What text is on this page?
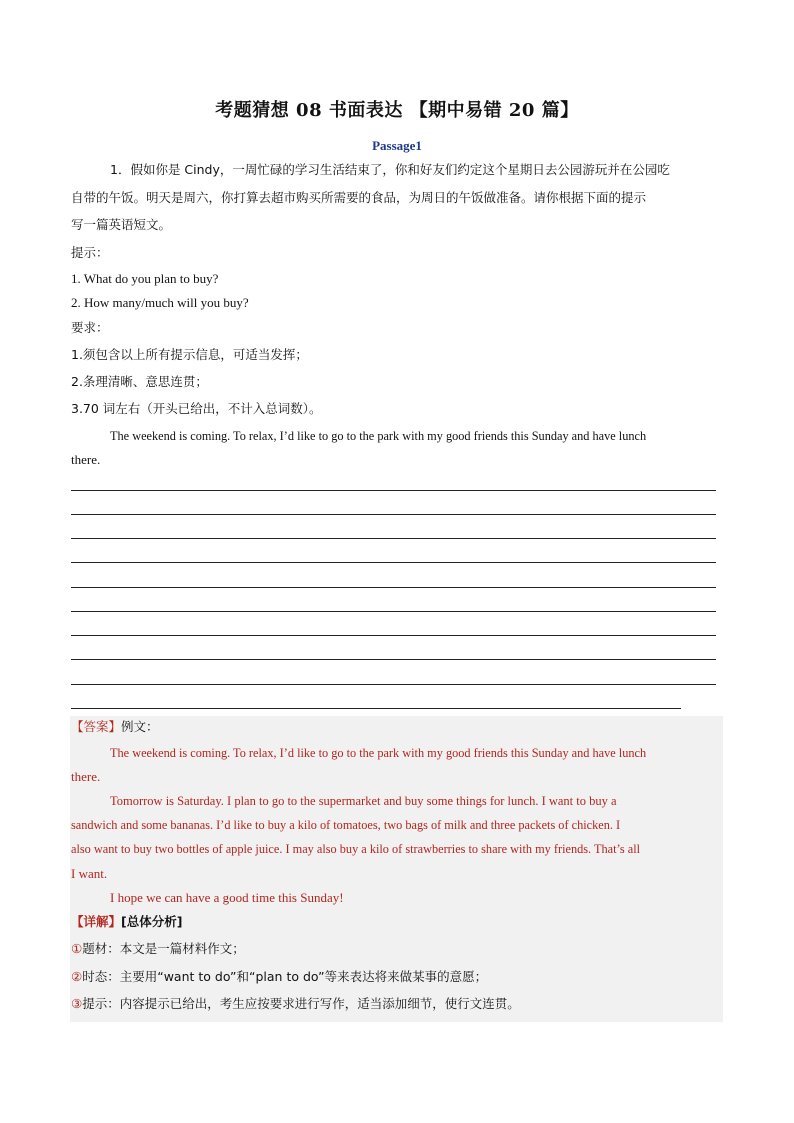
考题猜想 08 书面表达 【期中易错 20 篇】
Passage1
1．假如你是 Cindy，一周忙碌的学习生活结束了，你和好友们约定这个星期日去公园游玩并在公园吃
自带的午饭。明天是周六，你打算去超市购买所需要的食品，为周日的午饭做准备。请你根据下面的提示
写一篇英语短文。
提示：
1. What do you plan to buy?
2. How many/much will you buy?
要求：
1.须包含以上所有提示信息，可适当发挥；
2.条理清晰、意思连贯；
3.70 词左右（开头已给出，不计入总词数）。
The weekend is coming. To relax, I’d like to go to the park with my good friends this Sunday and have lunch
there.
【答案】例文：
The weekend is coming. To relax, I’d like to go to the park with my good friends this Sunday and have lunch
there.
Tomorrow is Saturday. I plan to go to the supermarket and buy some things for lunch. I want to buy a
sandwich and some bananas. I’d like to buy a kilo of tomatoes, two bags of milk and three packets of chicken. I
also want to buy two bottles of apple juice. I may also buy a kilo of strawberries to share with my friends. That’s all
I want.
I hope we can have a good time this Sunday!
【详解】[总体分析]
①题材：本文是一篇材料作文；
②时态：主要用“want to do”和“plan to do”等来表达将来做某事的意愿；
③提示：内容提示已给出，考生应按要求进行写作，适当添加细节，使行文连贯。
